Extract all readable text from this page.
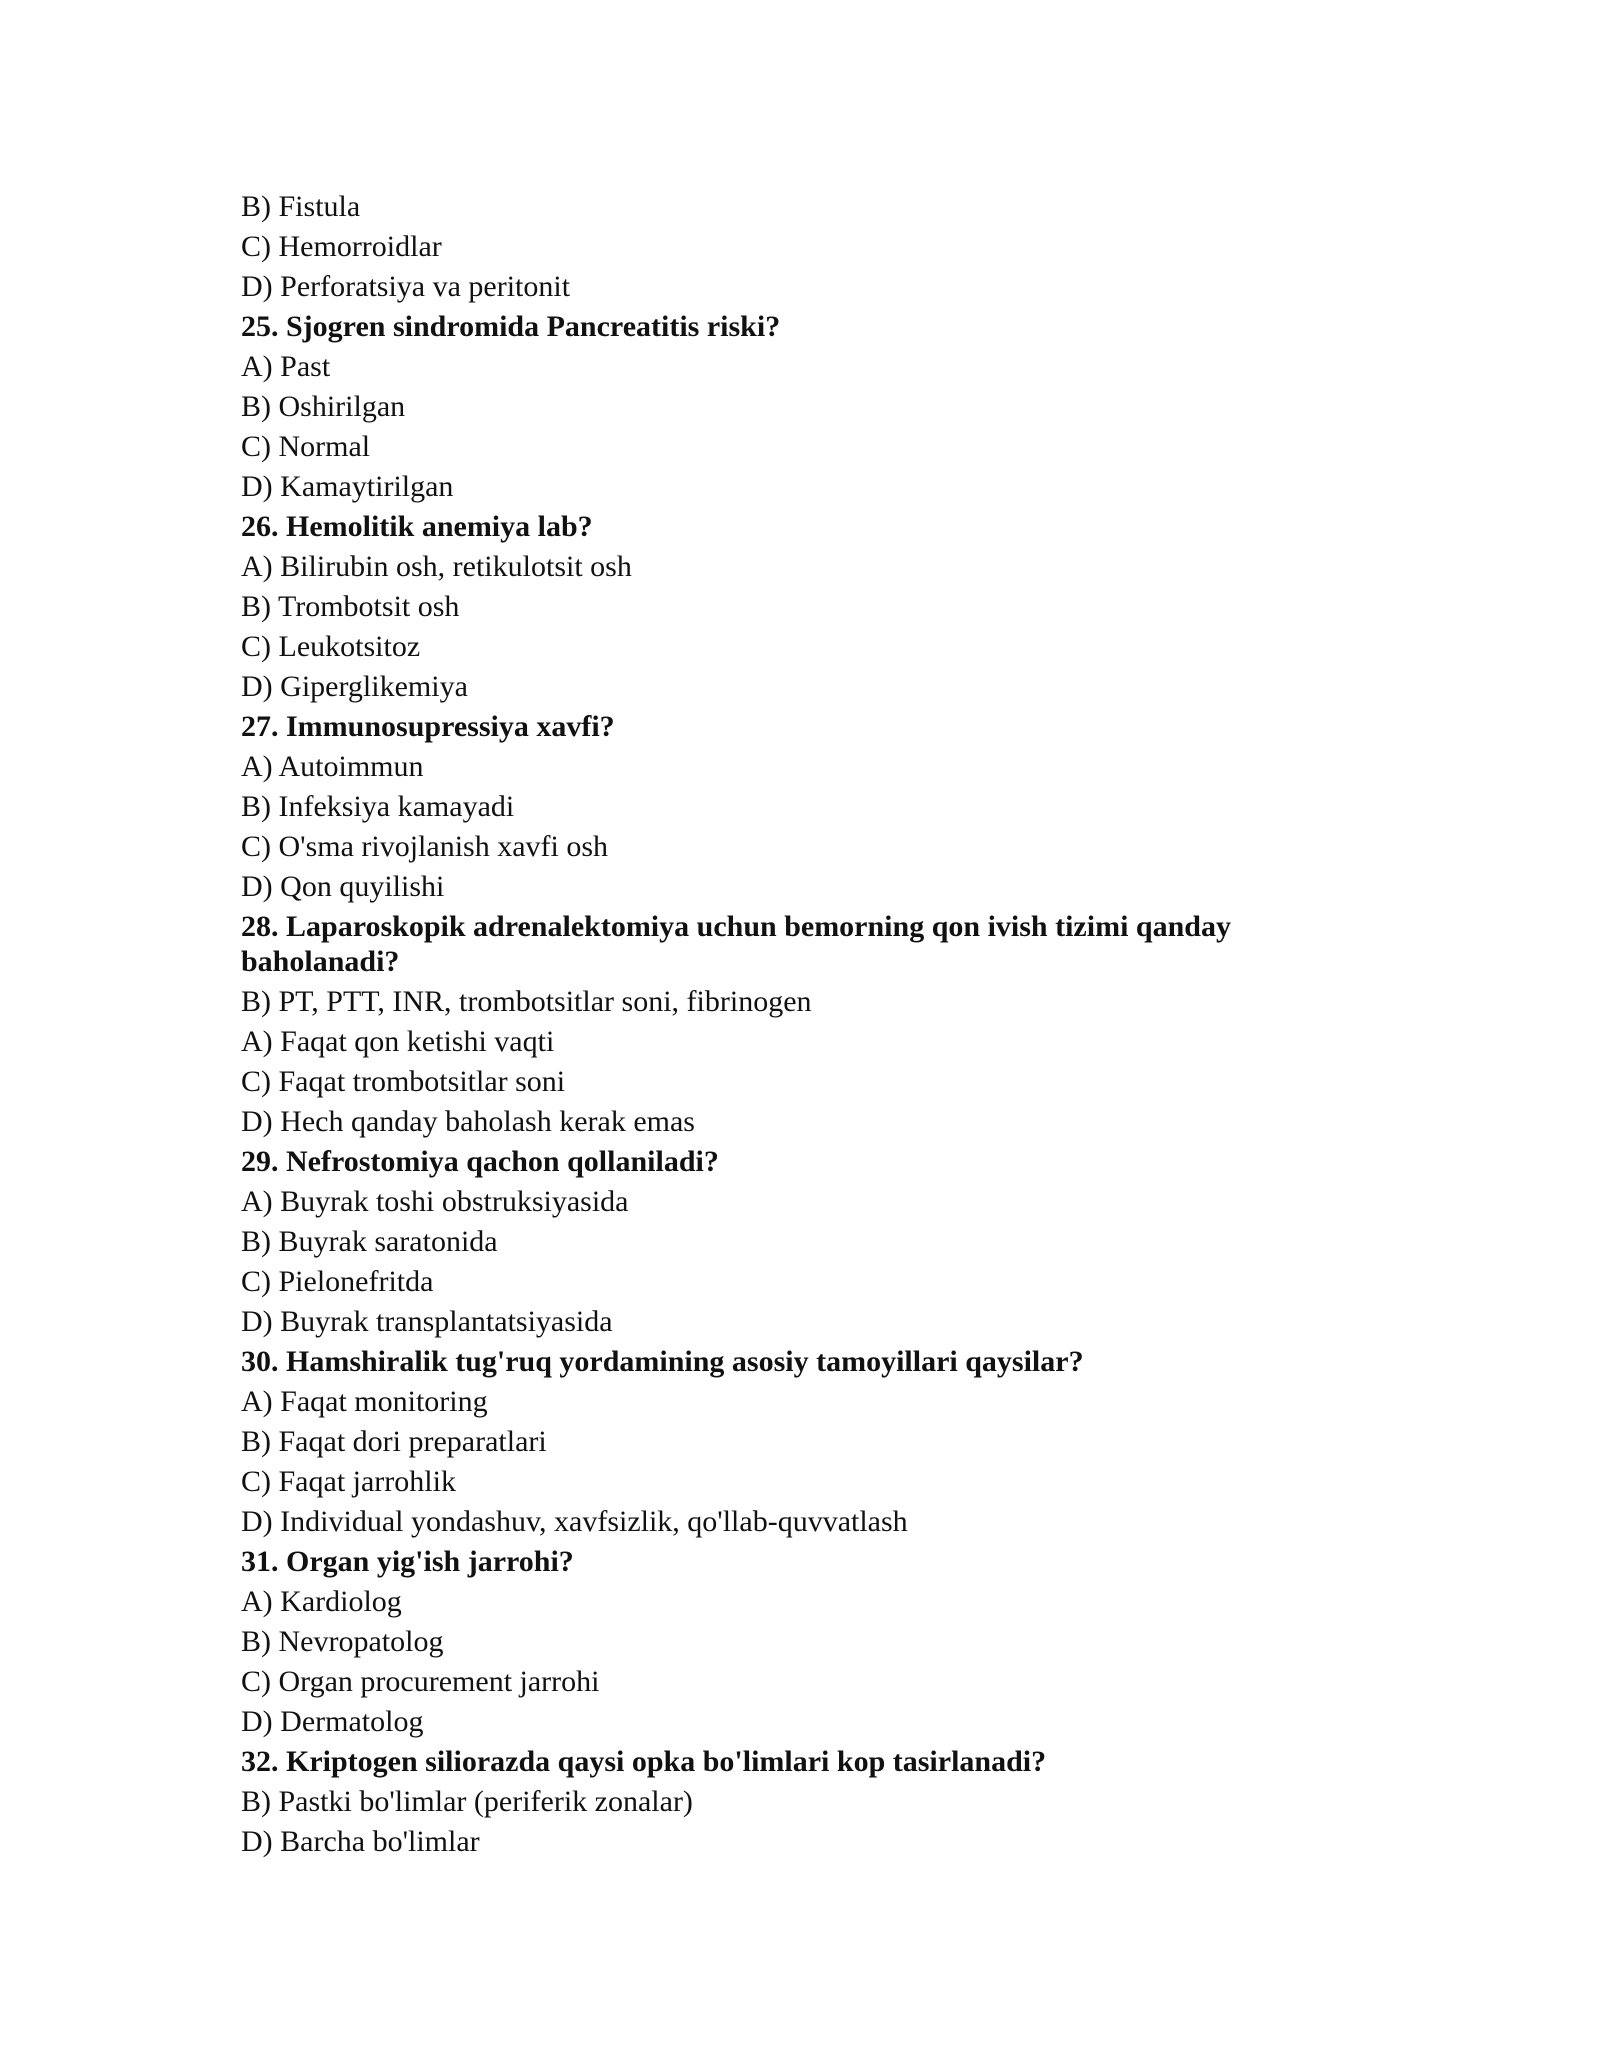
B) Fistula
C) Hemorroidlar
D) Perforatsiya va peritonit
25. Sjogren sindromida Pancreatitis riski?
A) Past
B) Oshirilgan
C) Normal
D) Kamaytirilgan
26. Hemolitik anemiya lab?
A) Bilirubin osh, retikulotsit osh
B) Trombotsit osh
C) Leukotsitoz
D) Giperglikemiya
27. Immunosupressiya xavfi?
A) Autoimmun
B) Infeksiya kamayadi
C) O'sma rivojlanish xavfi osh
D) Qon quyilishi
28. Laparoskopik adrenalektomiya uchun bemorning qon ivish tizimi qanday baholanadi?
B) PT, PTT, INR, trombotsitlar soni, fibrinogen
A) Faqat qon ketishi vaqti
C) Faqat trombotsitlar soni
D) Hech qanday baholash kerak emas
29. Nefrostomiya qachon qollaniladi?
A) Buyrak toshi obstruksiyasida
B) Buyrak saratonida
C) Pielonefritda
D) Buyrak transplantatsiyasida
30. Hamshiralik tug'ruq yordamining asosiy tamoyillari qaysilar?
A) Faqat monitoring
B) Faqat dori preparatlari
C) Faqat jarrohlik
D) Individual yondashuv, xavfsizlik, qo'llab-quvvatlash
31. Organ yig'ish jarrohi?
A) Kardiolog
B) Nevropatolog
C) Organ procurement jarrohi
D) Dermatolog
32. Kriptogen siliorazda qaysi opka bo'limlari kop tasirlanadi?
B) Pastki bo'limlar (periferik zonalar)
D) Barcha bo'limlar
